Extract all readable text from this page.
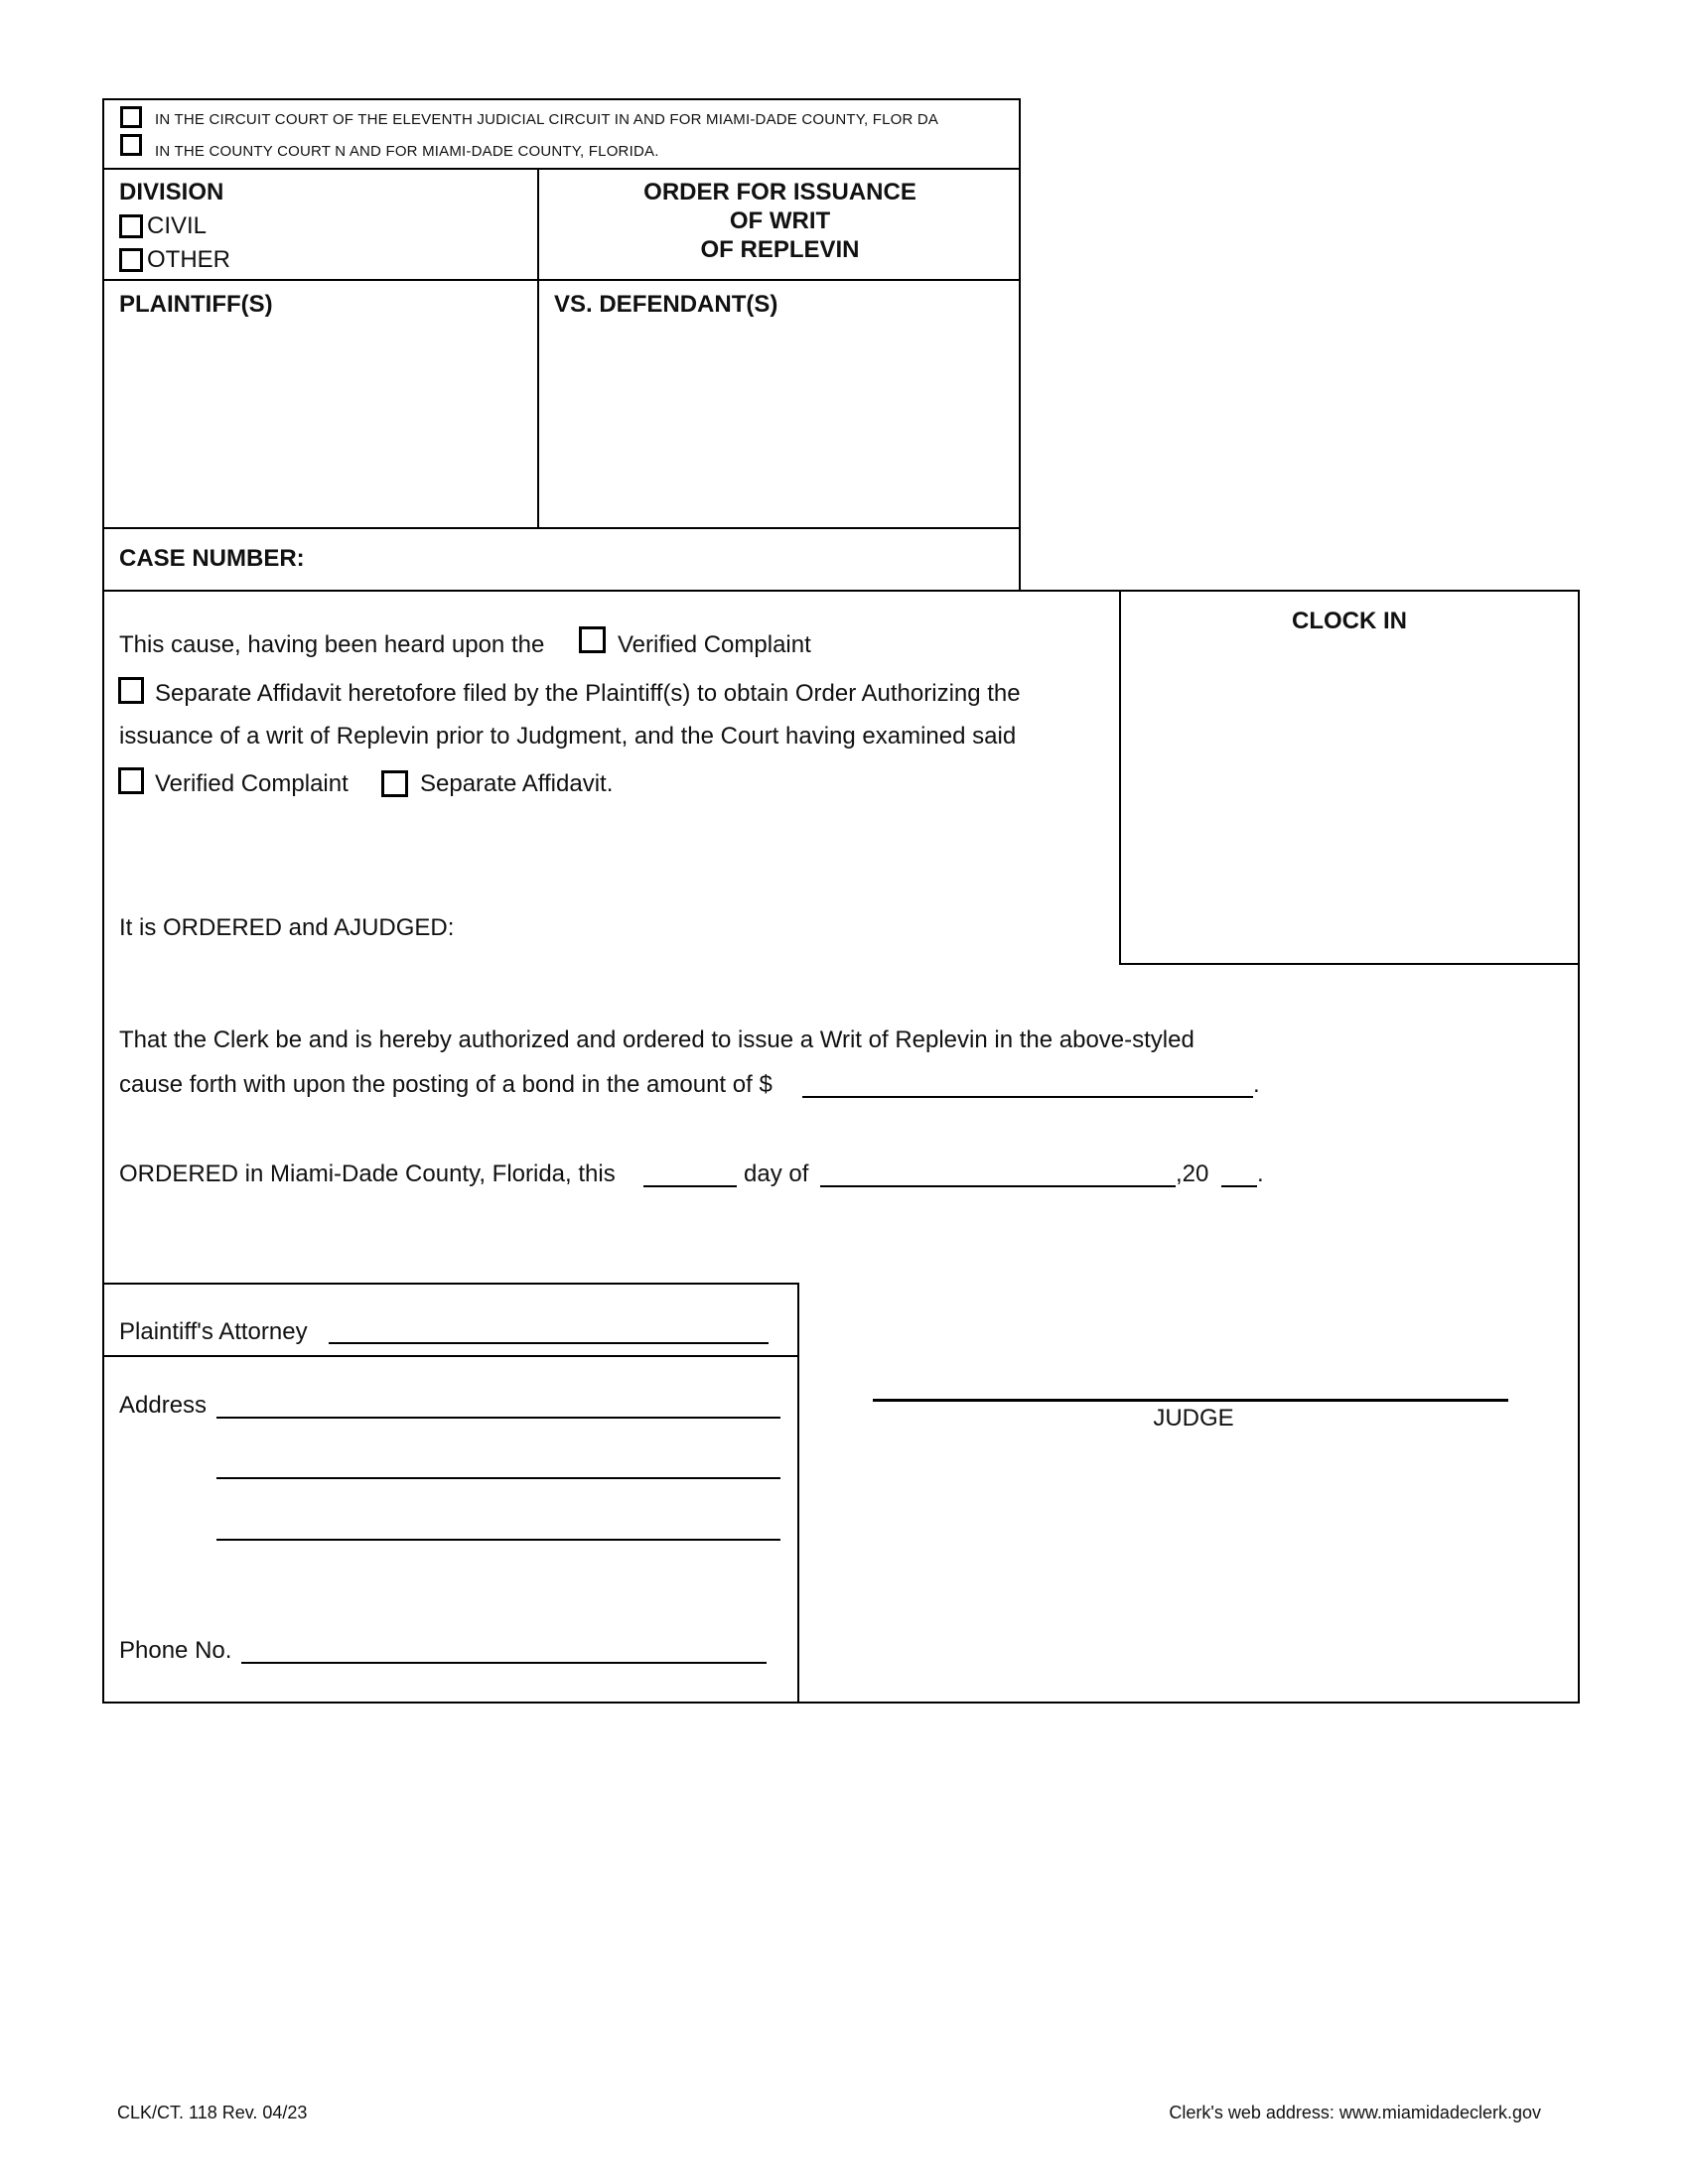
IN THE CIRCUIT COURT OF THE ELEVENTH JUDICIAL CIRCUIT IN AND FOR MIAMI-DADE COUNTY, FLOR DA
IN THE COUNTY COURT N AND FOR MIAMI-DADE COUNTY, FLORIDA.
DIVISION
CIVIL
OTHER
ORDER FOR ISSUANCE
OF WRIT
OF REPLEVIN
PLAINTIFF(S)	VS. DEFENDANT(S)
CASE NUMBER:
CLOCK IN
This cause, having been heard upon the	Verified Complaint
Separate Affidavit heretofore filed by the Plaintiff(s) to obtain Order Authorizing the
issuance of a writ of Replevin prior to Judgment, and the Court having examined said
Verified Complaint	Separate Affidavit.
It is ORDERED and AJUDGED:
That the Clerk be and is hereby authorized and ordered to issue a Writ of Replevin in the above-styled
cause forth with upon the posting of a bond in the amount of $	.
ORDERED in Miami-Dade County, Florida, this	day of	,20 .
Plaintiff's Attorney
Address
Phone No.
JUDGE
CLK/CT. 118 Rev. 04/23	Clerk's web address: www.miamidadeclerk.gov
